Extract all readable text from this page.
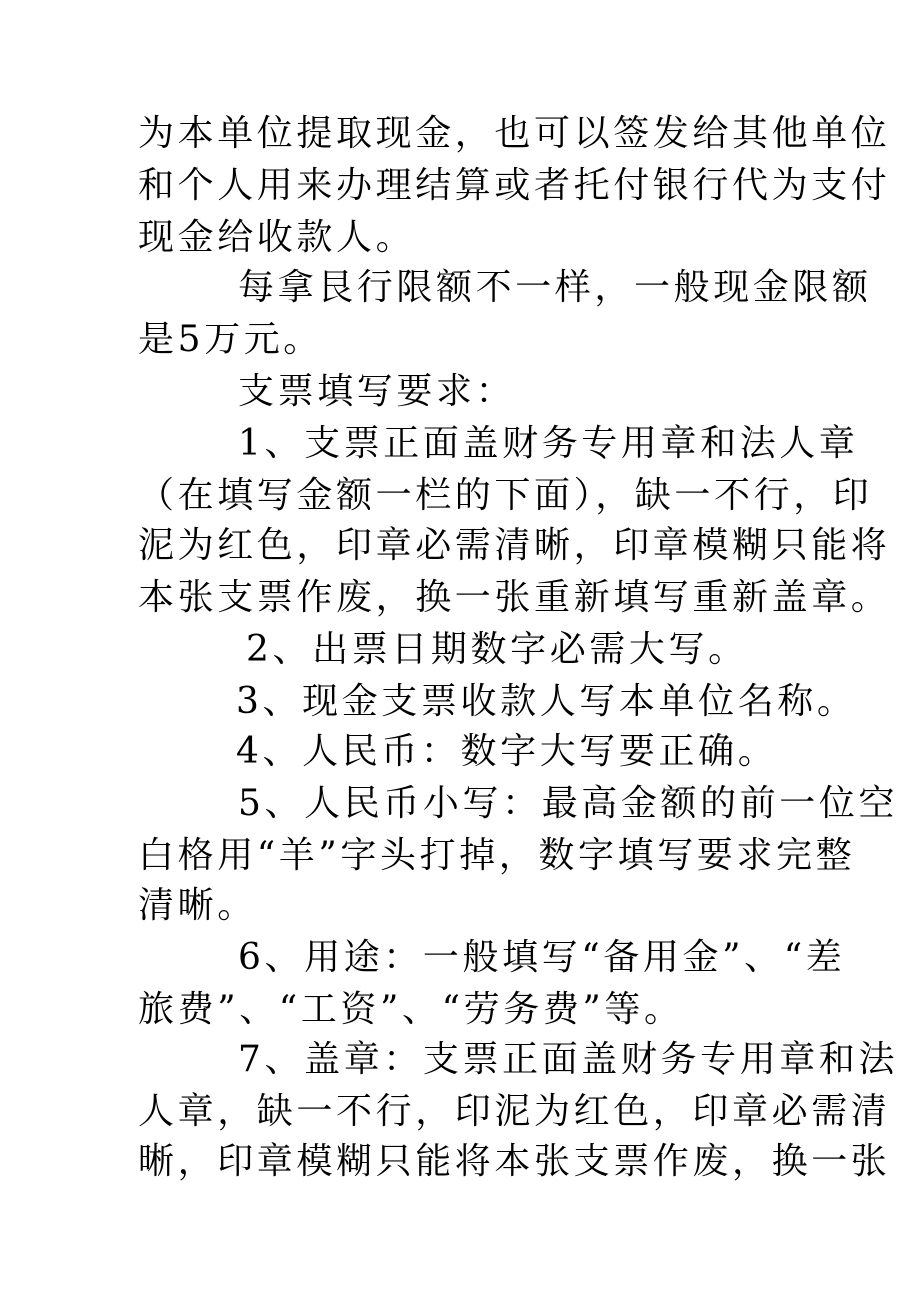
为本单位提取现金，也可以签发给其他单位
和个人用来办理结算或者托付银行代为支付
现金给收款人。
每拿艮行限额不一样，一般现金限额
是5万元。
支票填写要求：
1、支票正面盖财务专用章和法人章
（在填写金额一栏的下面），缺一不行，印
泥为红色，印章必需清晰，印章模糊只能将
本张支票作废，换一张重新填写重新盖章。
2、出票日期数字必需大写。
3、现金支票收款人写本单位名称。
4、人民币：数字大写要正确。
5、人民币小写：最高金额的前一位空
白格用“羊”字头打掉，数字填写要求完整
清晰。
6、用途：一般填写“备用金”、“差
旅费”、“工资”、“劳务费”等。
7、盖章：支票正面盖财务专用章和法
人章，缺一不行，印泥为红色，印章必需清
晰，印章模糊只能将本张支票作废，换一张
